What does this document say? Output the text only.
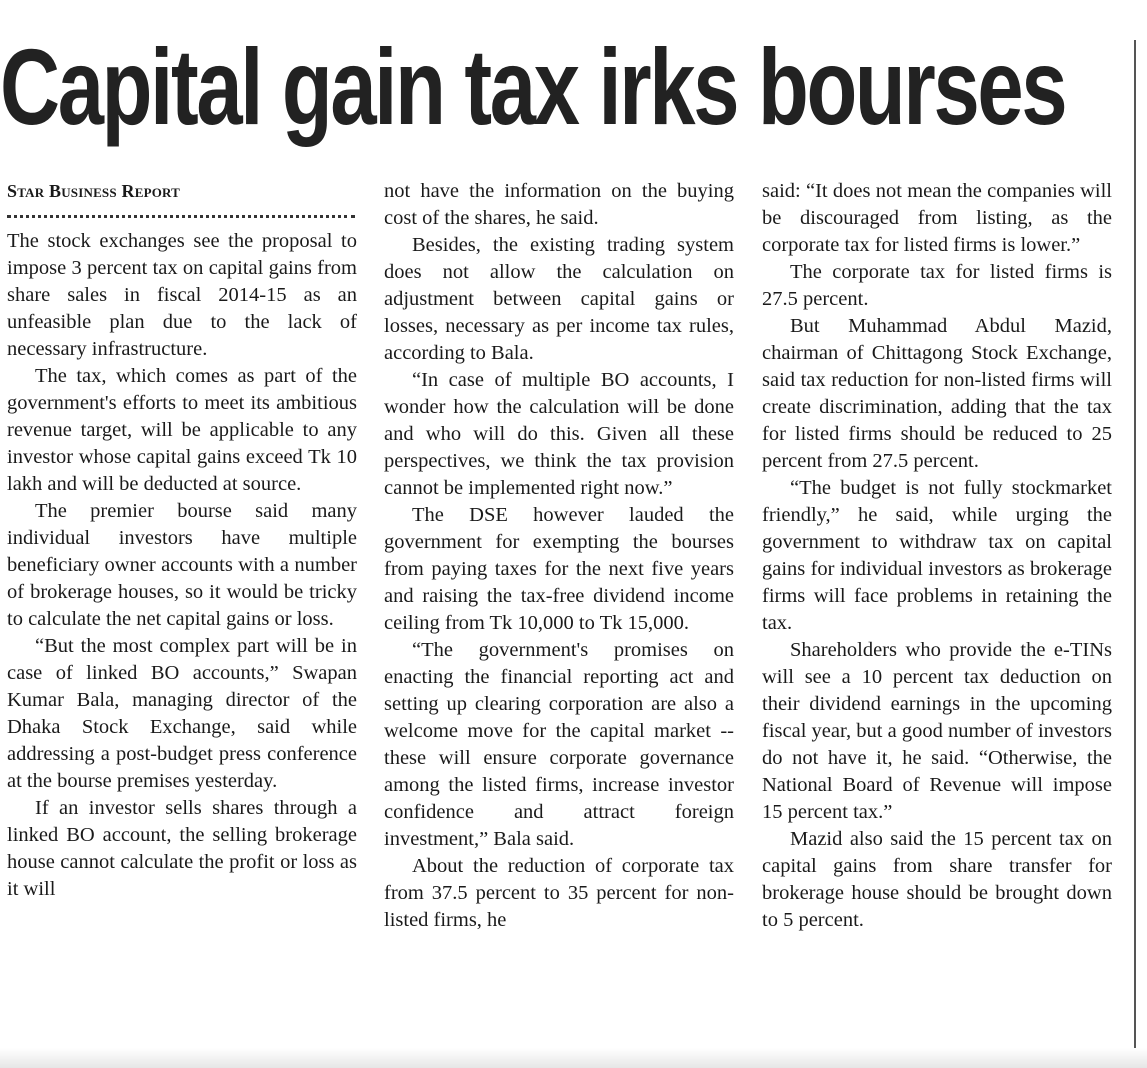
Capital gain tax irks bourses
Star Business Report

The stock exchanges see the proposal to impose 3 percent tax on capital gains from share sales in fiscal 2014-15 as an unfeasible plan due to the lack of necessary infrastructure.

The tax, which comes as part of the government's efforts to meet its ambitious revenue target, will be applicable to any investor whose capital gains exceed Tk 10 lakh and will be deducted at source.

The premier bourse said many individual investors have multiple beneficiary owner accounts with a number of brokerage houses, so it would be tricky to calculate the net capital gains or loss.

“But the most complex part will be in case of linked BO accounts,” Swapan Kumar Bala, managing director of the Dhaka Stock Exchange, said while addressing a post-budget press conference at the bourse premises yesterday.

If an investor sells shares through a linked BO account, the selling brokerage house cannot calculate the profit or loss as it will

not have the information on the buying cost of the shares, he said.

Besides, the existing trading system does not allow the calculation on adjustment between capital gains or losses, necessary as per income tax rules, according to Bala.

“In case of multiple BO accounts, I wonder how the calculation will be done and who will do this. Given all these perspectives, we think the tax provision cannot be implemented right now.”

The DSE however lauded the government for exempting the bourses from paying taxes for the next five years and raising the tax-free dividend income ceiling from Tk 10,000 to Tk 15,000.

“The government's promises on enacting the financial reporting act and setting up clearing corporation are also a welcome move for the capital market -- these will ensure corporate governance among the listed firms, increase investor confidence and attract foreign investment,” Bala said.

About the reduction of corporate tax from 37.5 percent to 35 percent for non-listed firms, he

said: “It does not mean the companies will be discouraged from listing, as the corporate tax for listed firms is lower.”

The corporate tax for listed firms is 27.5 percent.

But Muhammad Abdul Mazid, chairman of Chittagong Stock Exchange, said tax reduction for non-listed firms will create discrimination, adding that the tax for listed firms should be reduced to 25 percent from 27.5 percent.

“The budget is not fully stockmarket friendly,” he said, while urging the government to withdraw tax on capital gains for individual investors as brokerage firms will face problems in retaining the tax.

Shareholders who provide the e-TINs will see a 10 percent tax deduction on their dividend earnings in the upcoming fiscal year, but a good number of investors do not have it, he said. “Otherwise, the National Board of Revenue will impose 15 percent tax.”

Mazid also said the 15 percent tax on capital gains from share transfer for brokerage house should be brought down to 5 percent.
